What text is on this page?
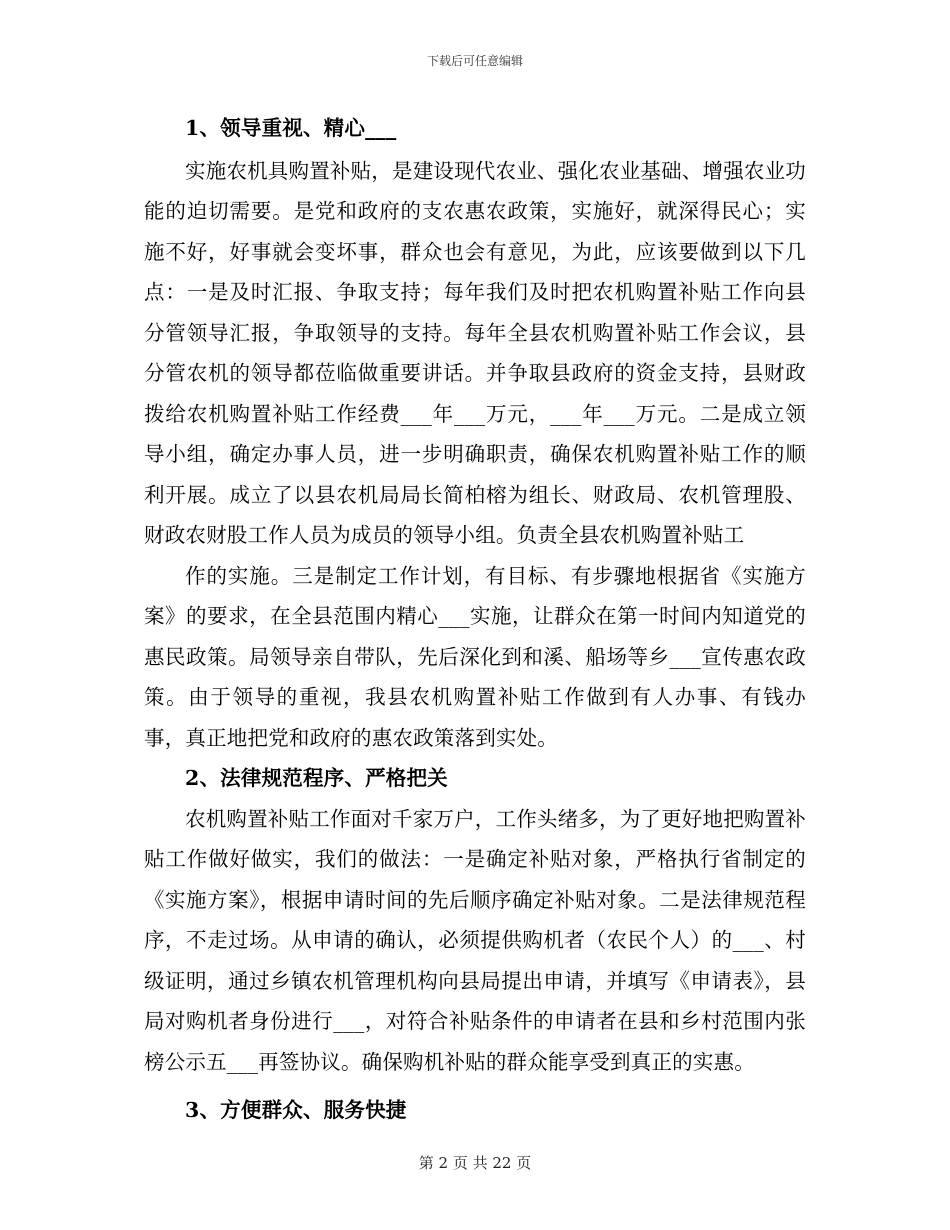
下载后可任意编辑

1、领导重视、精心___

实施农机具购置补贴，是建设现代农业、强化农业基础、增强农业功能的迫切需要。是党和政府的支农惠农政策，实施好，就深得民心；实施不好，好事就会变坏事，群众也会有意见，为此，应该要做到以下几点：一是及时汇报、争取支持；每年我们及时把农机购置补贴工作向县分管领导汇报，争取领导的支持。每年全县农机购置补贴工作会议，县分管农机的领导都莅临做重要讲话。并争取县政府的资金支持，县财政拨给农机购置补贴工作经费___年___万元，___年___万元。二是成立领导小组，确定办事人员，进一步明确职责，确保农机购置补贴工作的顺利开展。成立了以县农机局局长简柏榕为组长、财政局、农机管理股、财政农财股工作人员为成员的领导小组。负责全县农机购置补贴工

作的实施。三是制定工作计划，有目标、有步骤地根据省《实施方案》的要求，在全县范围内精心___实施，让群众在第一时间内知道党的惠民政策。局领导亲自带队，先后深化到和溪、船场等乡___宣传惠农政策。由于领导的重视，我县农机购置补贴工作做到有人办事、有钱办事，真正地把党和政府的惠农政策落到实处。

2、法律规范程序、严格把关

农机购置补贴工作面对千家万户，工作头绪多，为了更好地把购置补贴工作做好做实，我们的做法：一是确定补贴对象，严格执行省制定的《实施方案》，根据申请时间的先后顺序确定补贴对象。二是法律规范程序，不走过场。从申请的确认，必须提供购机者（农民个人）的___、村级证明，通过乡镇农机管理机构向县局提出申请，并填写《申请表》，县局对购机者身份进行___，对符合补贴条件的申请者在县和乡村范围内张榜公示五___再签协议。确保购机补贴的群众能享受到真正的实惠。

3、方便群众、服务快捷

第 2 页 共 22 页
